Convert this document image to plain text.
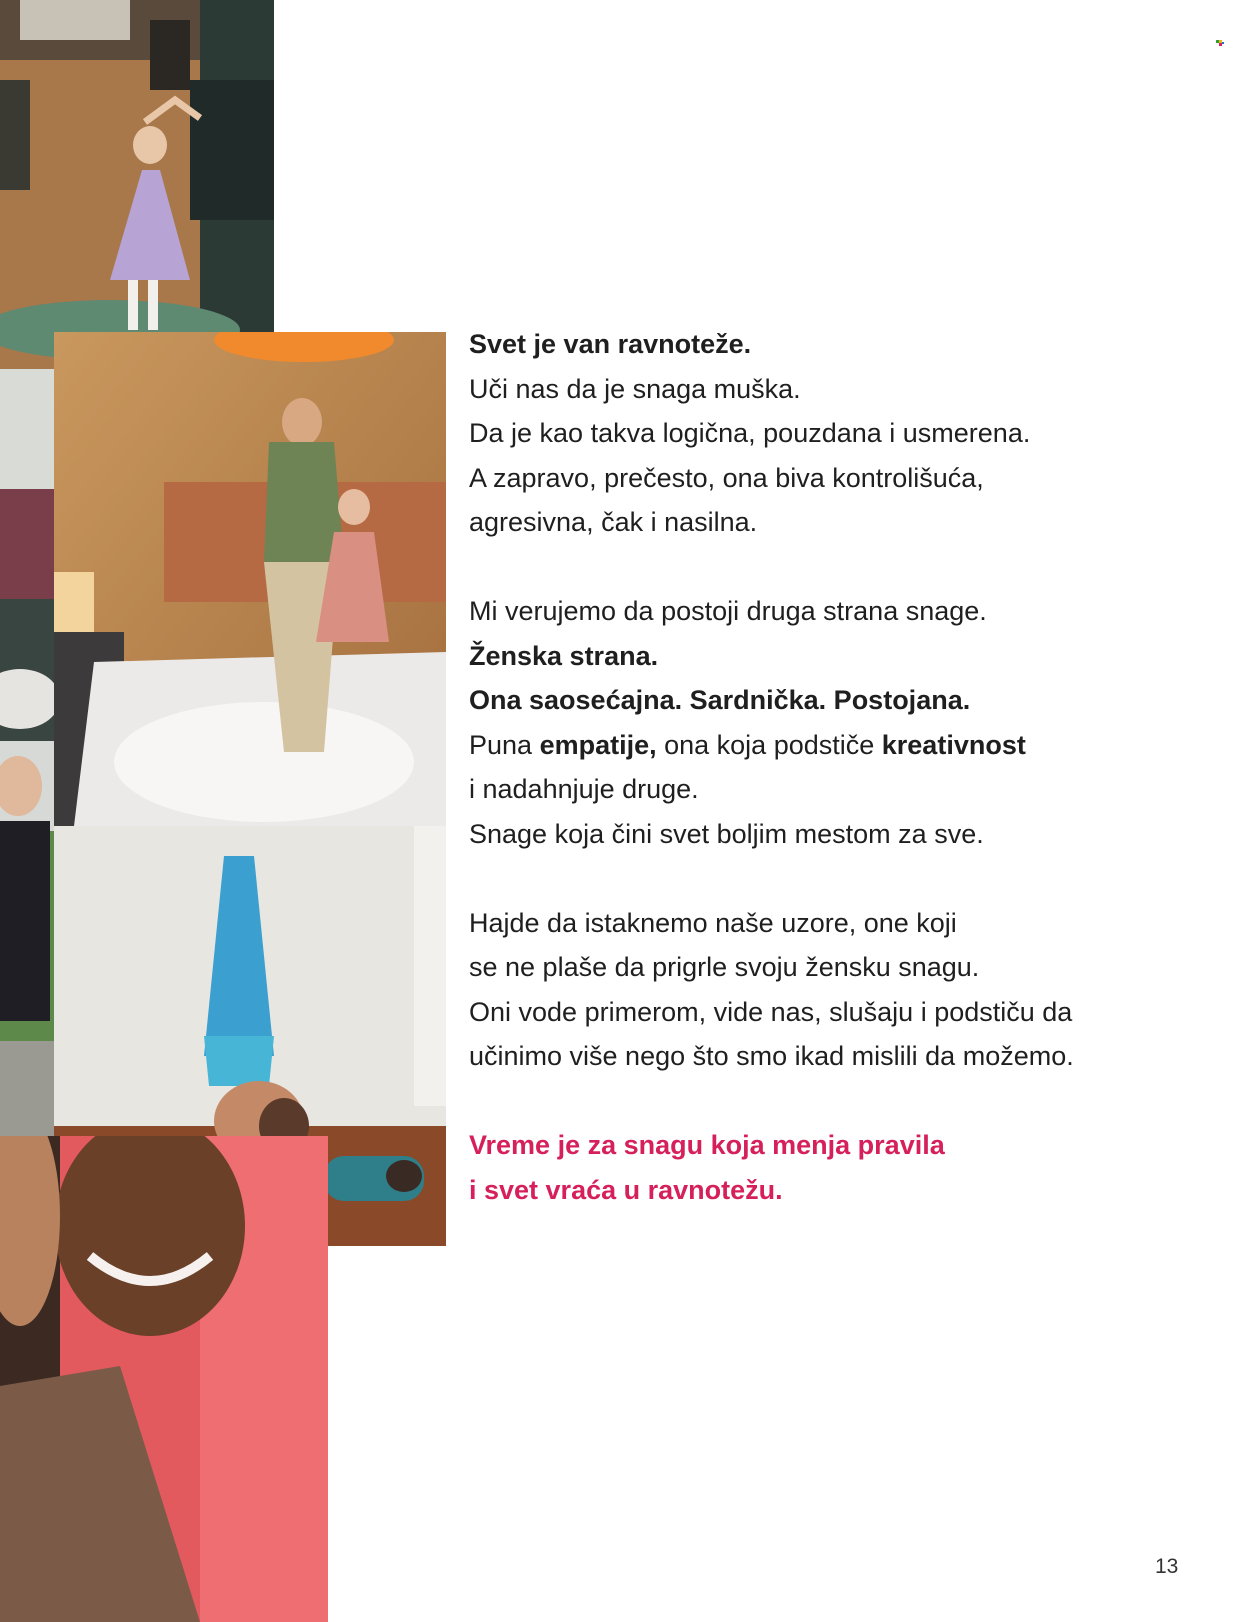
Svet je van ravnoteže.
Uči nas da je snaga muška.
Da je kao takva logična, pouzdana i usmerena.
A zapravo, prečesto, ona biva kontrolišuća,
agresivna, čak i nasilna.
Mi verujemo da postoji druga strana snage.
Ženska strana.
Ona saosećajna. Sardnička. Postojana.
Puna empatije, ona koja podstiče kreativnost
i nadahnjuje druge.
Snage koja čini svet boljim mestom za sve.
Hajde da istaknemo naše uzore, one koji
se ne plaše da prigrle svoju žensku snagu.
Oni vode primerom, vide nas, slušaju i podstiču da
učinimo više nego što smo ikad mislili da možemo.
Vreme je za snagu koja menja pravila
i svet vraća u ravnotežu.
13
